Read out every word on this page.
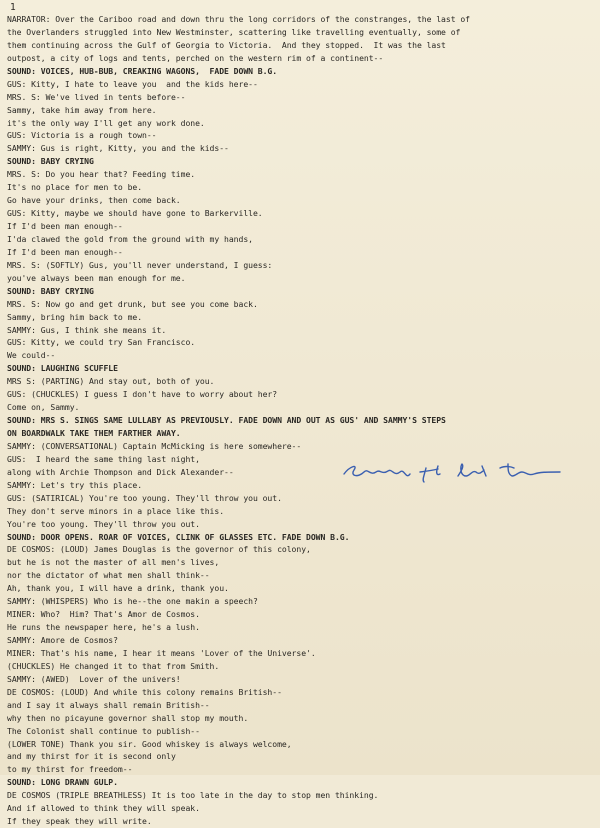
1
NARRATOR: Over the Cariboo road and down thru the long corridors of the constranges, the last of
the Overlanders struggled into New Westminster, scattering like travelling eventually, some of
them continuing across the Gulf of Georgia to Victoria.  And they stopped.  It was the last
outpost, a city of logs and tents, perched on the western rim of a continent--
SOUND: VOICES, HUB-BUB, CREAKING WAGONS,  FADE DOWN B.G.
GUS: Kitty, I hate to leave you  and the kids here--
MRS. S: We've lived in tents before--
Sammy, take him away from here.
it's the only way I'll get any work done.
GUS: Victoria is a rough town--
SAMMY: Gus is right, Kitty, you and the kids--
SOUND: BABY CRYING
MRS. S: Do you hear that? Feeding time.
It's no place for men to be.
Go have your drinks, then come back.
GUS: Kitty, maybe we should have gone to Barkerville.
If I'd been man enough--
I'da clawed the gold from the ground with my hands,
If I'd been man enough--
MRS. S: (SOFTLY) Gus, you'll never understand, I guess:
you've always been man enough for me.
SOUND: BABY CRYING
MRS. S: Now go and get drunk, but see you come back.
Sammy, bring him back to me.
SAMMY: Gus, I think she means it.
GUS: Kitty, we could try San Francisco.
We could--
SOUND: LAUGHING SCUFFLE
MRS S: (PARTING) And stay out, both of you.
GUS: (CHUCKLES) I guess I don't have to worry about her?
Come on, Sammy.
SOUND: MRS S. SINGS SAME LULLABY AS PREVIOUSLY. FADE DOWN AND OUT AS GUS' AND SAMMY'S STEPS
ON BOARDWALK TAKE THEM FARTHER AWAY.
SAMMY: (CONVERSATIONAL) Captain McMicking is here somewhere--
GUS:  I heard the same thing last night,
along with Archie Thompson and Dick Alexander--
SAMMY: Let's try this place.
GUS: (SATIRICAL) You're too young. They'll throw you out.
They don't serve minors in a place like this.
You're too young. They'll throw you out.
SOUND: DOOR OPENS. ROAR OF VOICES, CLINK OF GLASSES ETC. FADE DOWN B.G.
DE COSMOS: (LOUD) James Douglas is the governor of this colony,
but he is not the master of all men's lives,
nor the dictator of what men shall think--
Ah, thank you, I will have a drink, thank you.
SAMMY: (WHISPERS) Who is he--the one makin a speech?
MINER: Who?  Him? That's Amor de Cosmos.
He runs the newspaper here, he's a lush.
SAMMY: Amore de Cosmos?
MINER: That's his name, I hear it means 'Lover of the Universe'.
(CHUCKLES) He changed it to that from Smith.
SAMMY: (AWED)  Lover of the univers!
DE COSMOS: (LOUD) And while this colony remains British--
and I say it always shall remain British--
why then no picayune governor shall stop my mouth.
The Colonist shall continue to publish--
(LOWER TONE) Thank you sir. Good whiskey is always welcome,
and my thirst for it is second only
to my thirst for freedom--
SOUND: LONG DRAWN GULP.
DE COSMOS (TRIPLE BREATHLESS) It is too late in the day to stop men thinking.
And if allowed to think they will speak.
If they speak they will write.
